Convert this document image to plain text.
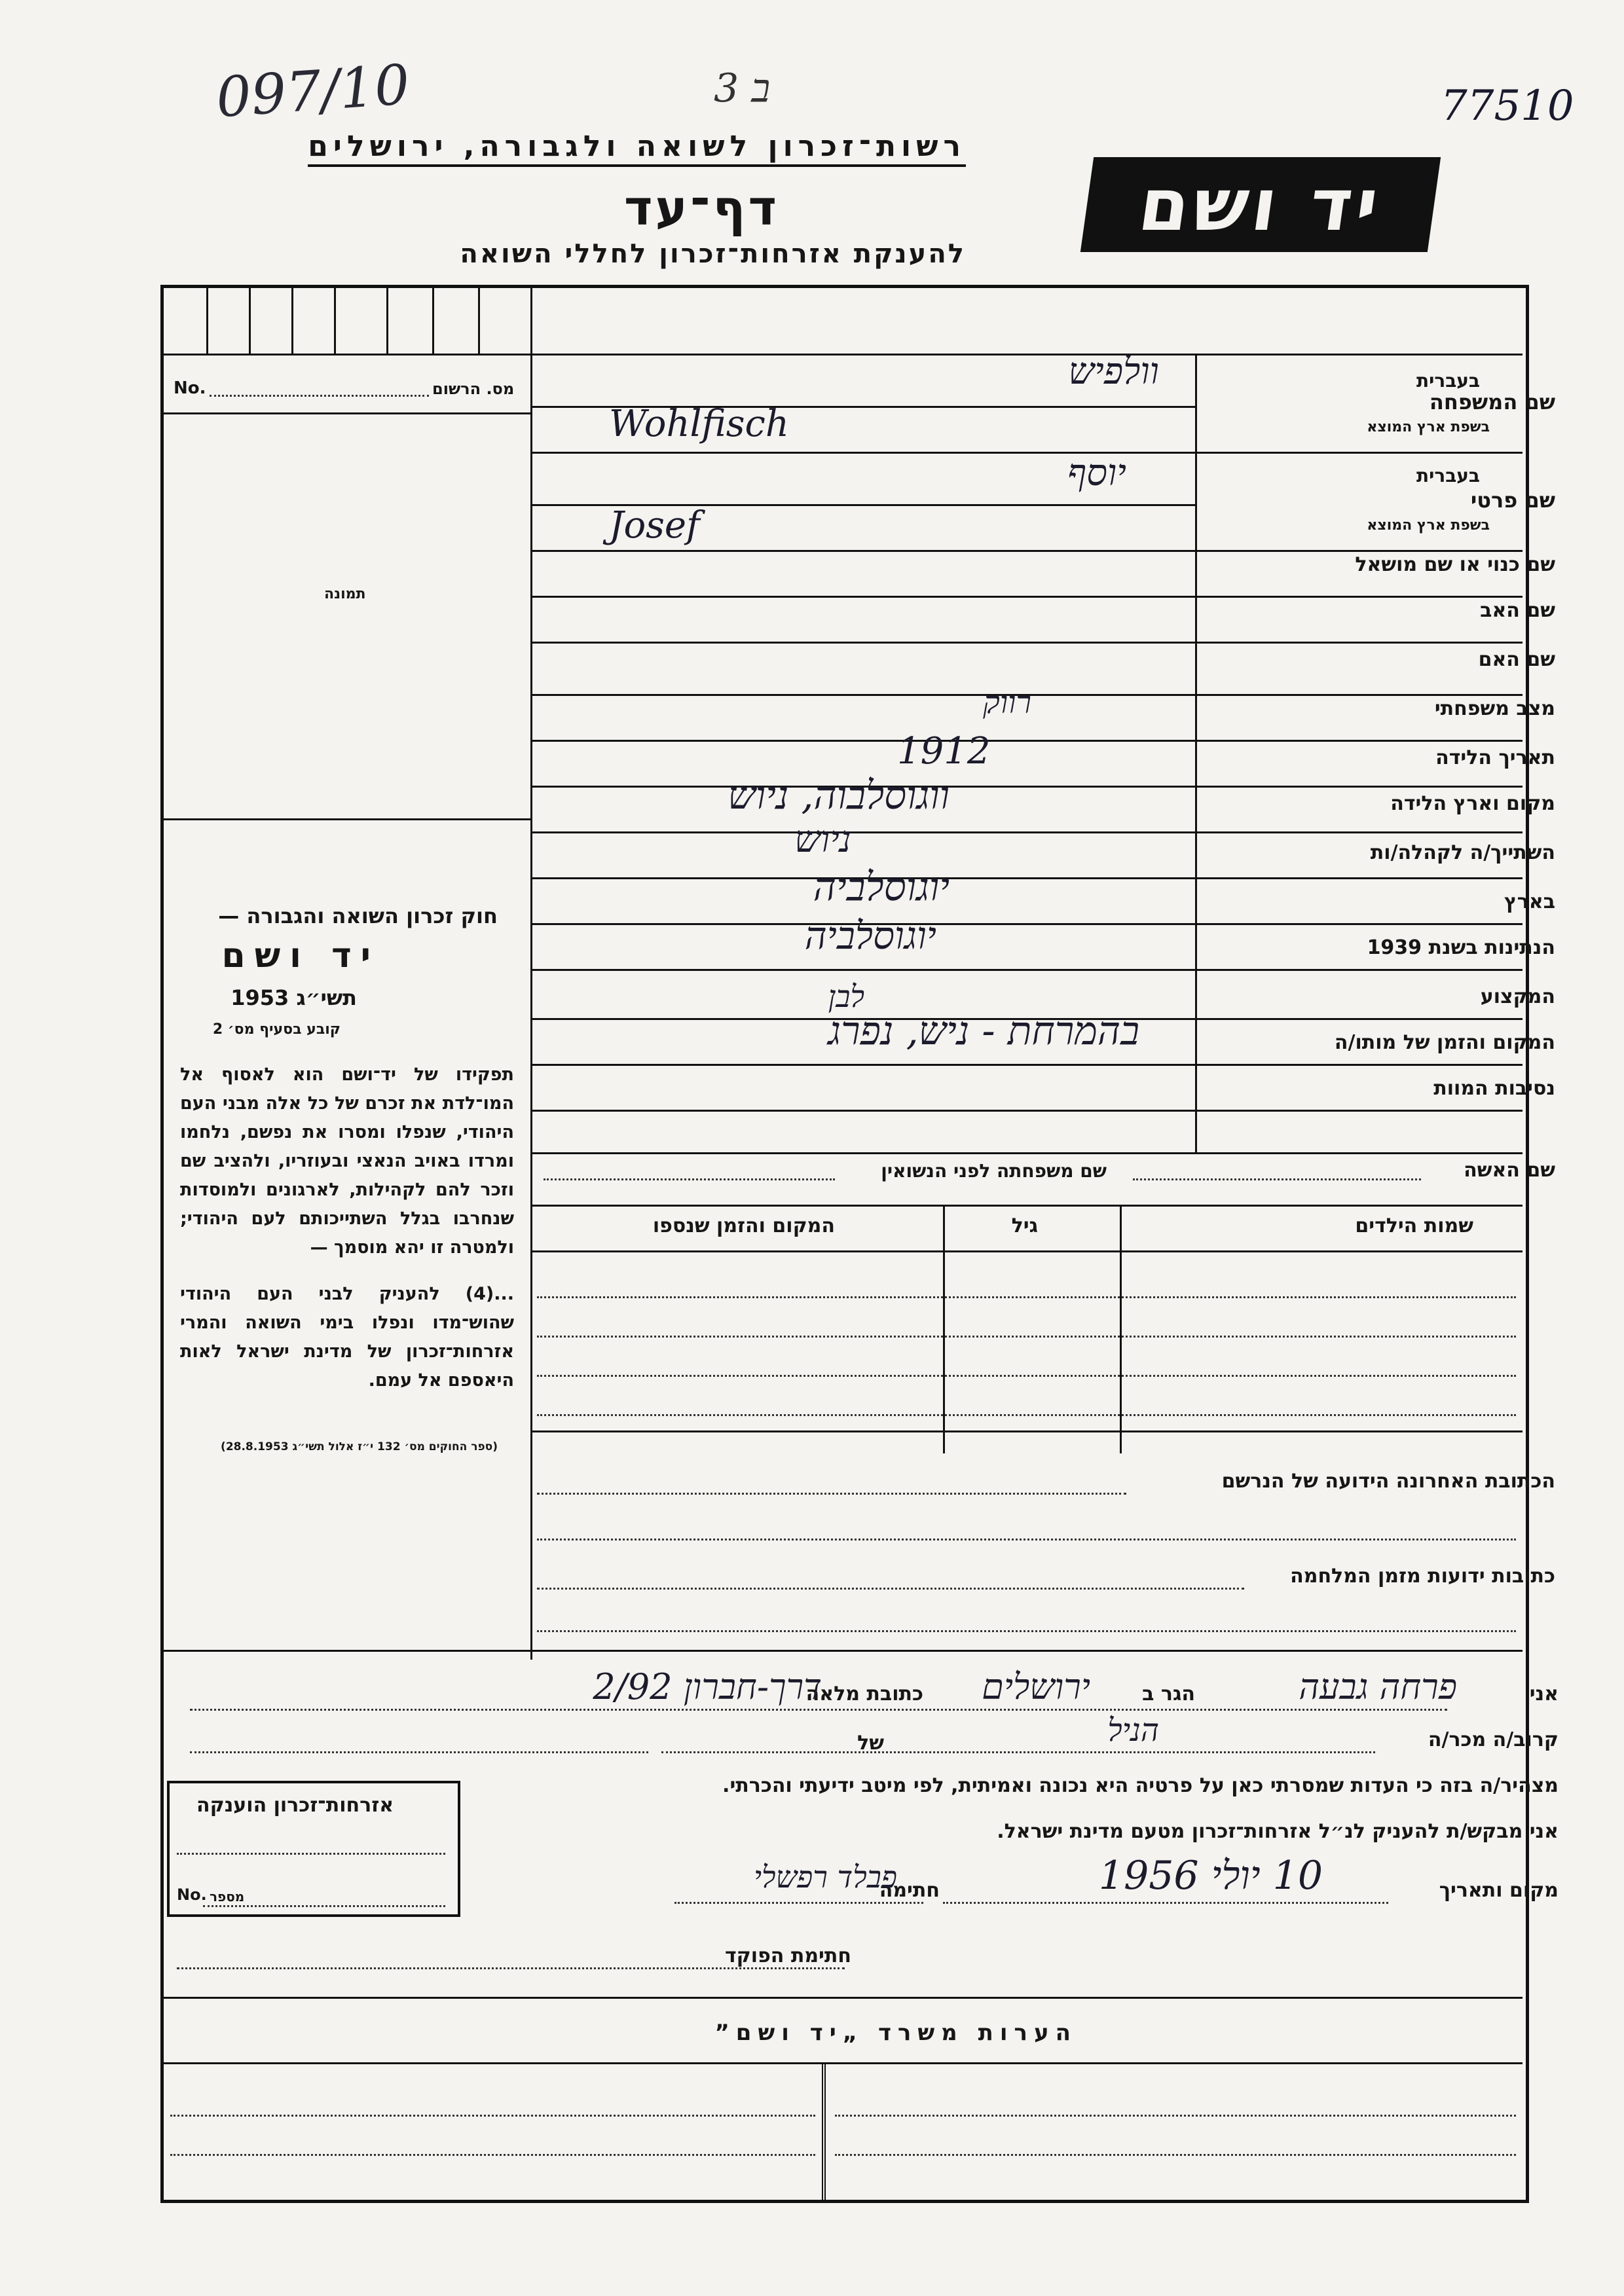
097/10	ב 3	77510
רשות־זכרון לשואה ולגבורה, ירושלים
דף־עד
להענקת אזרחות־זכרון לחללי השואה
יד ושם
מס. הרשום
No.
תמונה
בעברית
שם המשפחה
בשפת ארץ המוצא
וולפיש
Wohlfisch
בעברית
שם פרטי
בשפת ארץ המוצא
יוסף
Josef
שם כנוי או שם מושאל
שם האב
שם האם
מצב משפחתי
רווק
תאריך הלידה
1912
מקום וארץ הלידה
ווגוסלבוה, ניוש
השתייך/ה לקהלה/ות
ניוש
בארץ
יוגוסלביה
הנתינות בשנת 1939
יוגוסלביה
המקצוע
לבן
המקום והזמן של מותו/ה
בהמרחת - ניש, נפרג
נסיבות המוות
שם האשה
שם משפחתה לפני הנשואין
שמות הילדים
גיל
המקום והזמן שנספו
הכתובת האחרונה הידועה של הנרשם
כתובות ידועות מזמן המלחמה
חוק זכרון השואה והגבורה —
יד ושם
תשי״ג 1953
קובע בסעיף מס׳ 2
תפקידו של יד־ושם הוא לאסוף אל המו־לדת את זכרם של כל אלה מבני העם היהודי, שנפלו ומסרו את נפשם, נלחמו ומרדו באויב הנאצי ובעוזריו, ולהציב שם וזכר להם לקהילות, לארגונים ולמוסדות שנחרבו בגלל השתייכותם לעם היהודי; ולמטרה זו יהא מוסמך —
...(4) להעניק לבני העם היהודי שהוש־מדו ונפלו בימי השואה והמרי אזרחות־זכרון של מדינת ישראל לאות היאספם אל עמם.
(ספר החוקים מס׳ 132 י״ז אלול תשי״ג 28.8.1953)
אני
פרחה גבעה
הגר ב
ירושלים
כתובת מלאה
דרך-חברון 2/92
קרוב/ה מכר/ה
של	הניל
מצהיר/ה בזה כי העדות שמסרתי כאן על פרטיה היא נכונה ואמיתית, לפי מיטב ידיעתי והכרתי.
אני מבקש/ת להעניק לנ״ל אזרחות־זכרון מטעם מדינת ישראל.
מקום ותאריך
10 יולי 1956
חתימה
פבלד רפשלי
אזרחות־זכרון הוענקה
מספר
No.
חתימת הפוקד
הערות משרד „יד ושם”
